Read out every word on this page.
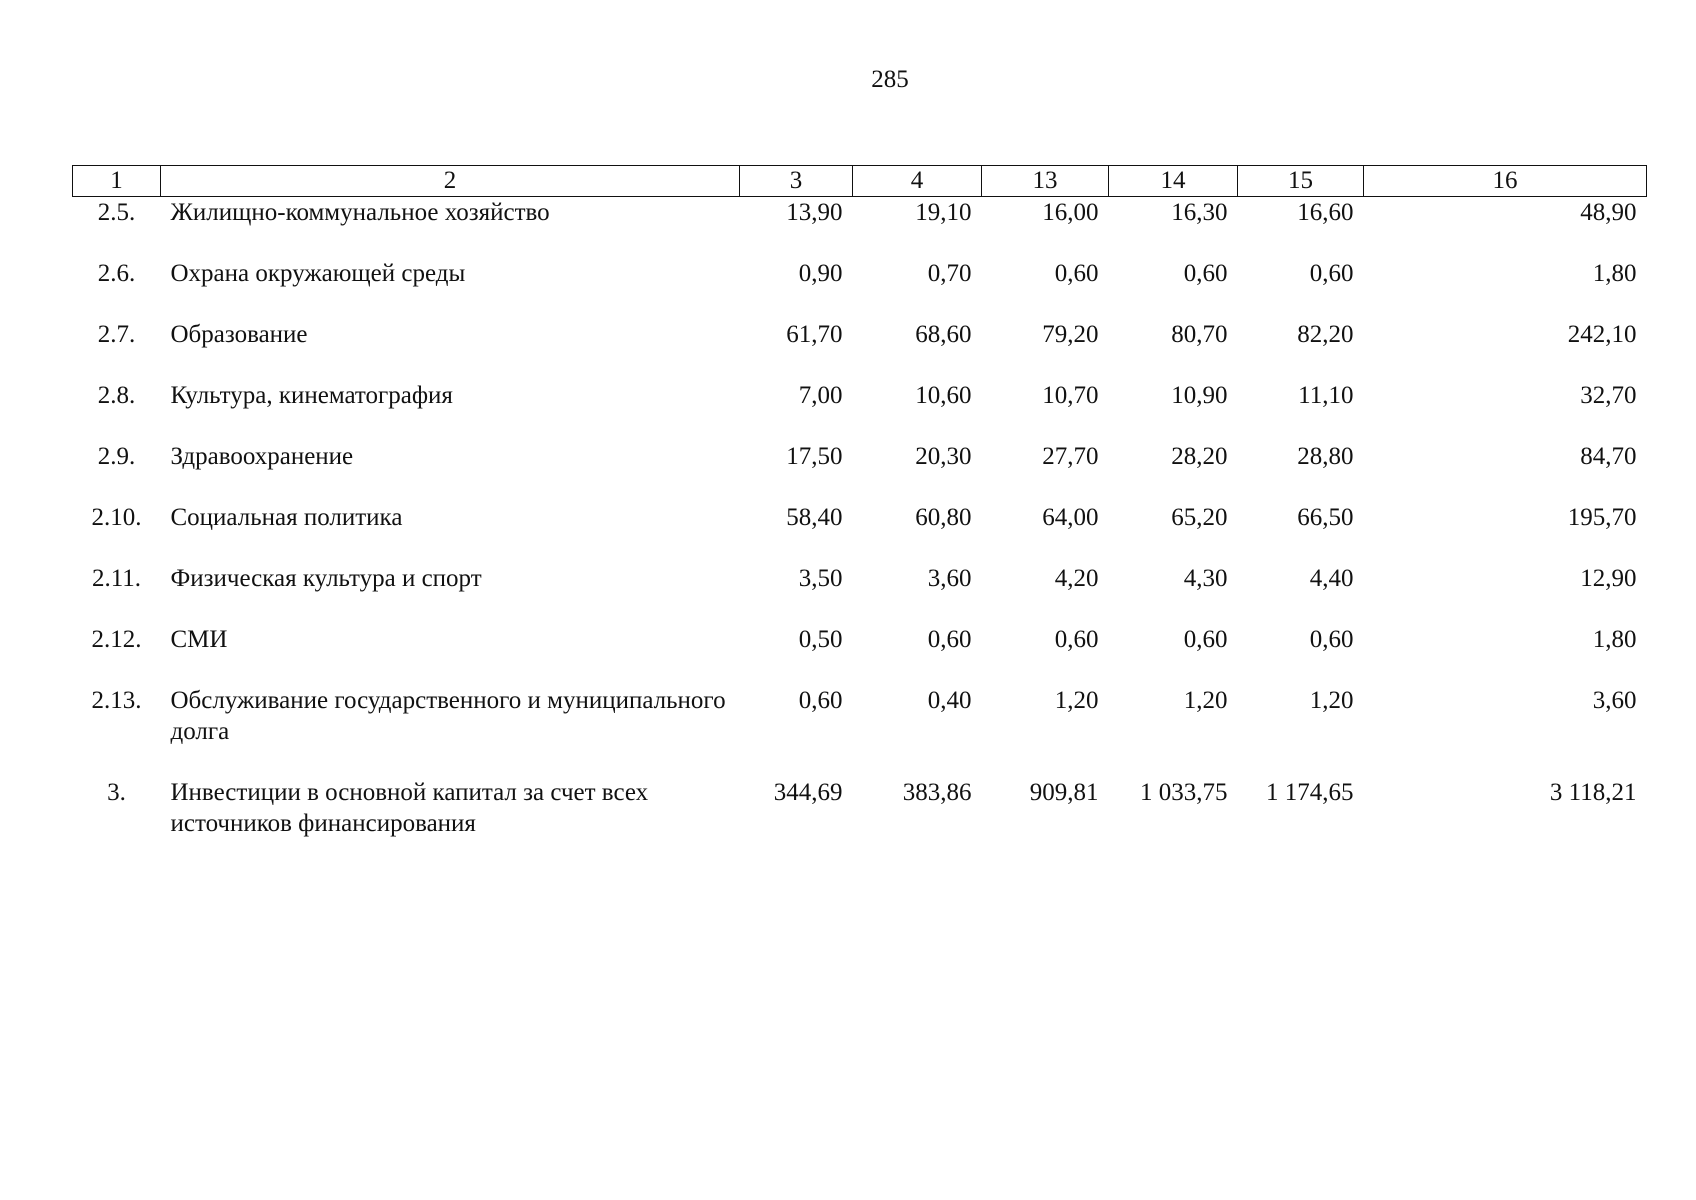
285
1	2	3	4	13	14	15	16
2.5.	Жилищно-коммунальное хозяйство	13,90	19,10	16,00	16,30	16,60	48,90
2.6.	Охрана окружающей среды	0,90	0,70	0,60	0,60	0,60	1,80
2.7.	Образование	61,70	68,60	79,20	80,70	82,20	242,10
2.8.	Культура, кинематография	7,00	10,60	10,70	10,90	11,10	32,70
2.9.	Здравоохранение	17,50	20,30	27,70	28,20	28,80	84,70
2.10.	Социальная политика	58,40	60,80	64,00	65,20	66,50	195,70
2.11.	Физическая культура и спорт	3,50	3,60	4,20	4,30	4,40	12,90
2.12.	СМИ	0,50	0,60	0,60	0,60	0,60	1,80
2.13.	Обслуживание государственного и муниципального долга	0,60	0,40	1,20	1,20	1,20	3,60
3.	Инвестиции в основной капитал за счет всех источников финансирования	344,69	383,86	909,81	1 033,75	1 174,65	3 118,21
